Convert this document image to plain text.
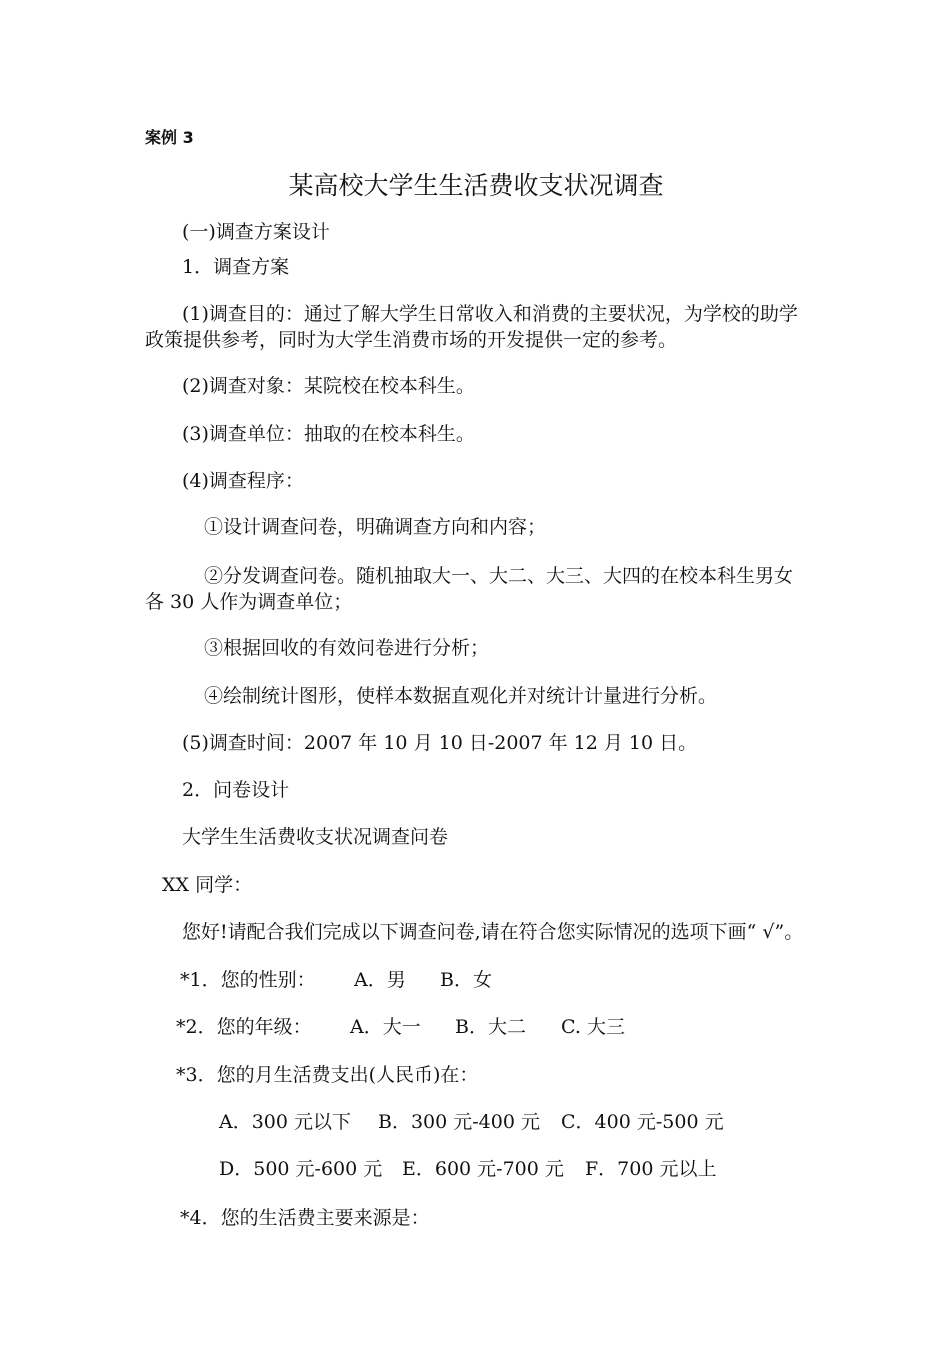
案例 3
某高校大学生生活费收支状况调查
(一)调查方案设计
1．调查方案
(1)调查目的：通过了解大学生日常收入和消费的主要状况，为学校的助学
政策提供参考，同时为大学生消费市场的开发提供一定的参考。
(2)调查对象：某院校在校本科生。
(3)调查单位：抽取的在校本科生。
(4)调查程序：
①设计调查问卷，明确调查方向和内容；
②分发调查问卷。随机抽取大一、大二、大三、大四的在校本科生男女
各 30 人作为调查单位；
③根据回收的有效问卷进行分析；
④绘制统计图形，使样本数据直观化并对统计计量进行分析。
(5)调查时间：2007 年 10 月 10 日-2007 年 12 月 10 日。
2．问卷设计
大学生生活费收支状况调查问卷
XX 同学：
您好!请配合我们完成以下调查问卷,请在符合您实际情况的选项下画“ √”。
*1．您的性别： A．男 B．女
*2．您的年级： A．大一 B．大二 C. 大三
*3．您的月生活费支出(人民币)在：
A．300 元以下 B．300 元-400 元 C．400 元-500 元
D．500 元-600 元 E．600 元-700 元 F．700 元以上
*4．您的生活费主要来源是：
